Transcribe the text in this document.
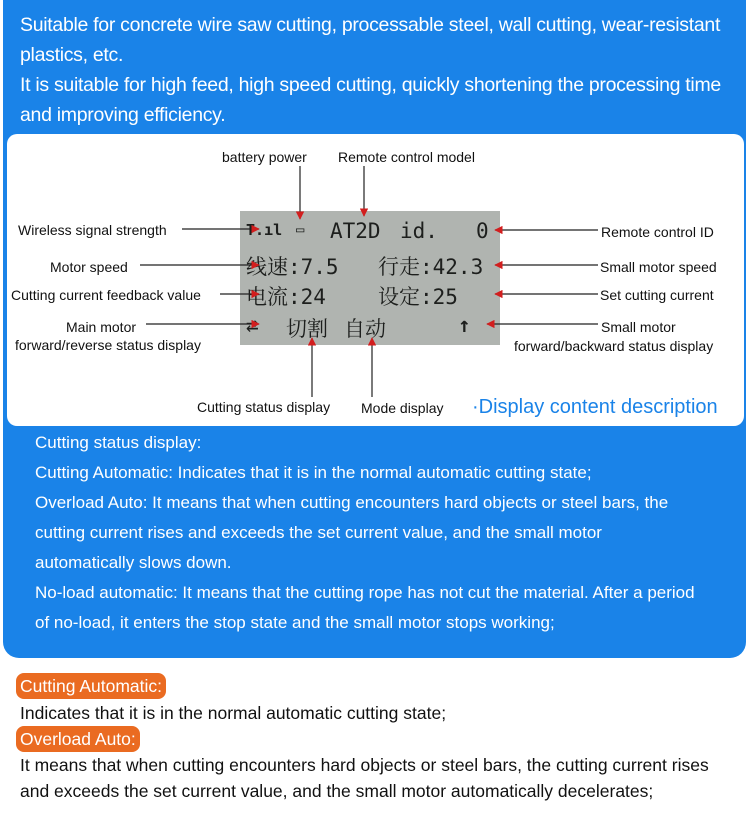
Suitable for concrete wire saw cutting, processable steel, wall cutting, wear-resistant

plastics, etc.

It is suitable for high feed, high speed cutting, quickly shortening the processing time

and improving efficiency.

Cutting status display:

Cutting Automatic: Indicates that it is in the normal automatic cutting state;

Overload Auto: It means that when cutting encounters hard objects or steel bars, the

cutting current rises and exceeds the set current value, and the small motor

automatically slows down.

No-load automatic: It means that the cutting rope has not cut the material. After a period

of no-load, it enters the stop state and the small motor stops working;

T.ıl ▭ AT2D id. 0
线速:7.5 行走:42.3
电流:24 设定:25
⇄ 切割 自动	↑
battery power Remote control model
Wireless signal strength	Remote control ID
Motor speed	Small motor speed
Cutting current feedback value	Set cutting current
Main motor
forward/reverse status display
Small motor
forward/backward status display
Cutting status display Mode display ·Display content description
Cutting Automatic:

Indicates that it is in the normal automatic cutting state;

Overload Auto:

It means that when cutting encounters hard objects or steel bars, the cutting current rises

and exceeds the set current value, and the small motor automatically decelerates;
